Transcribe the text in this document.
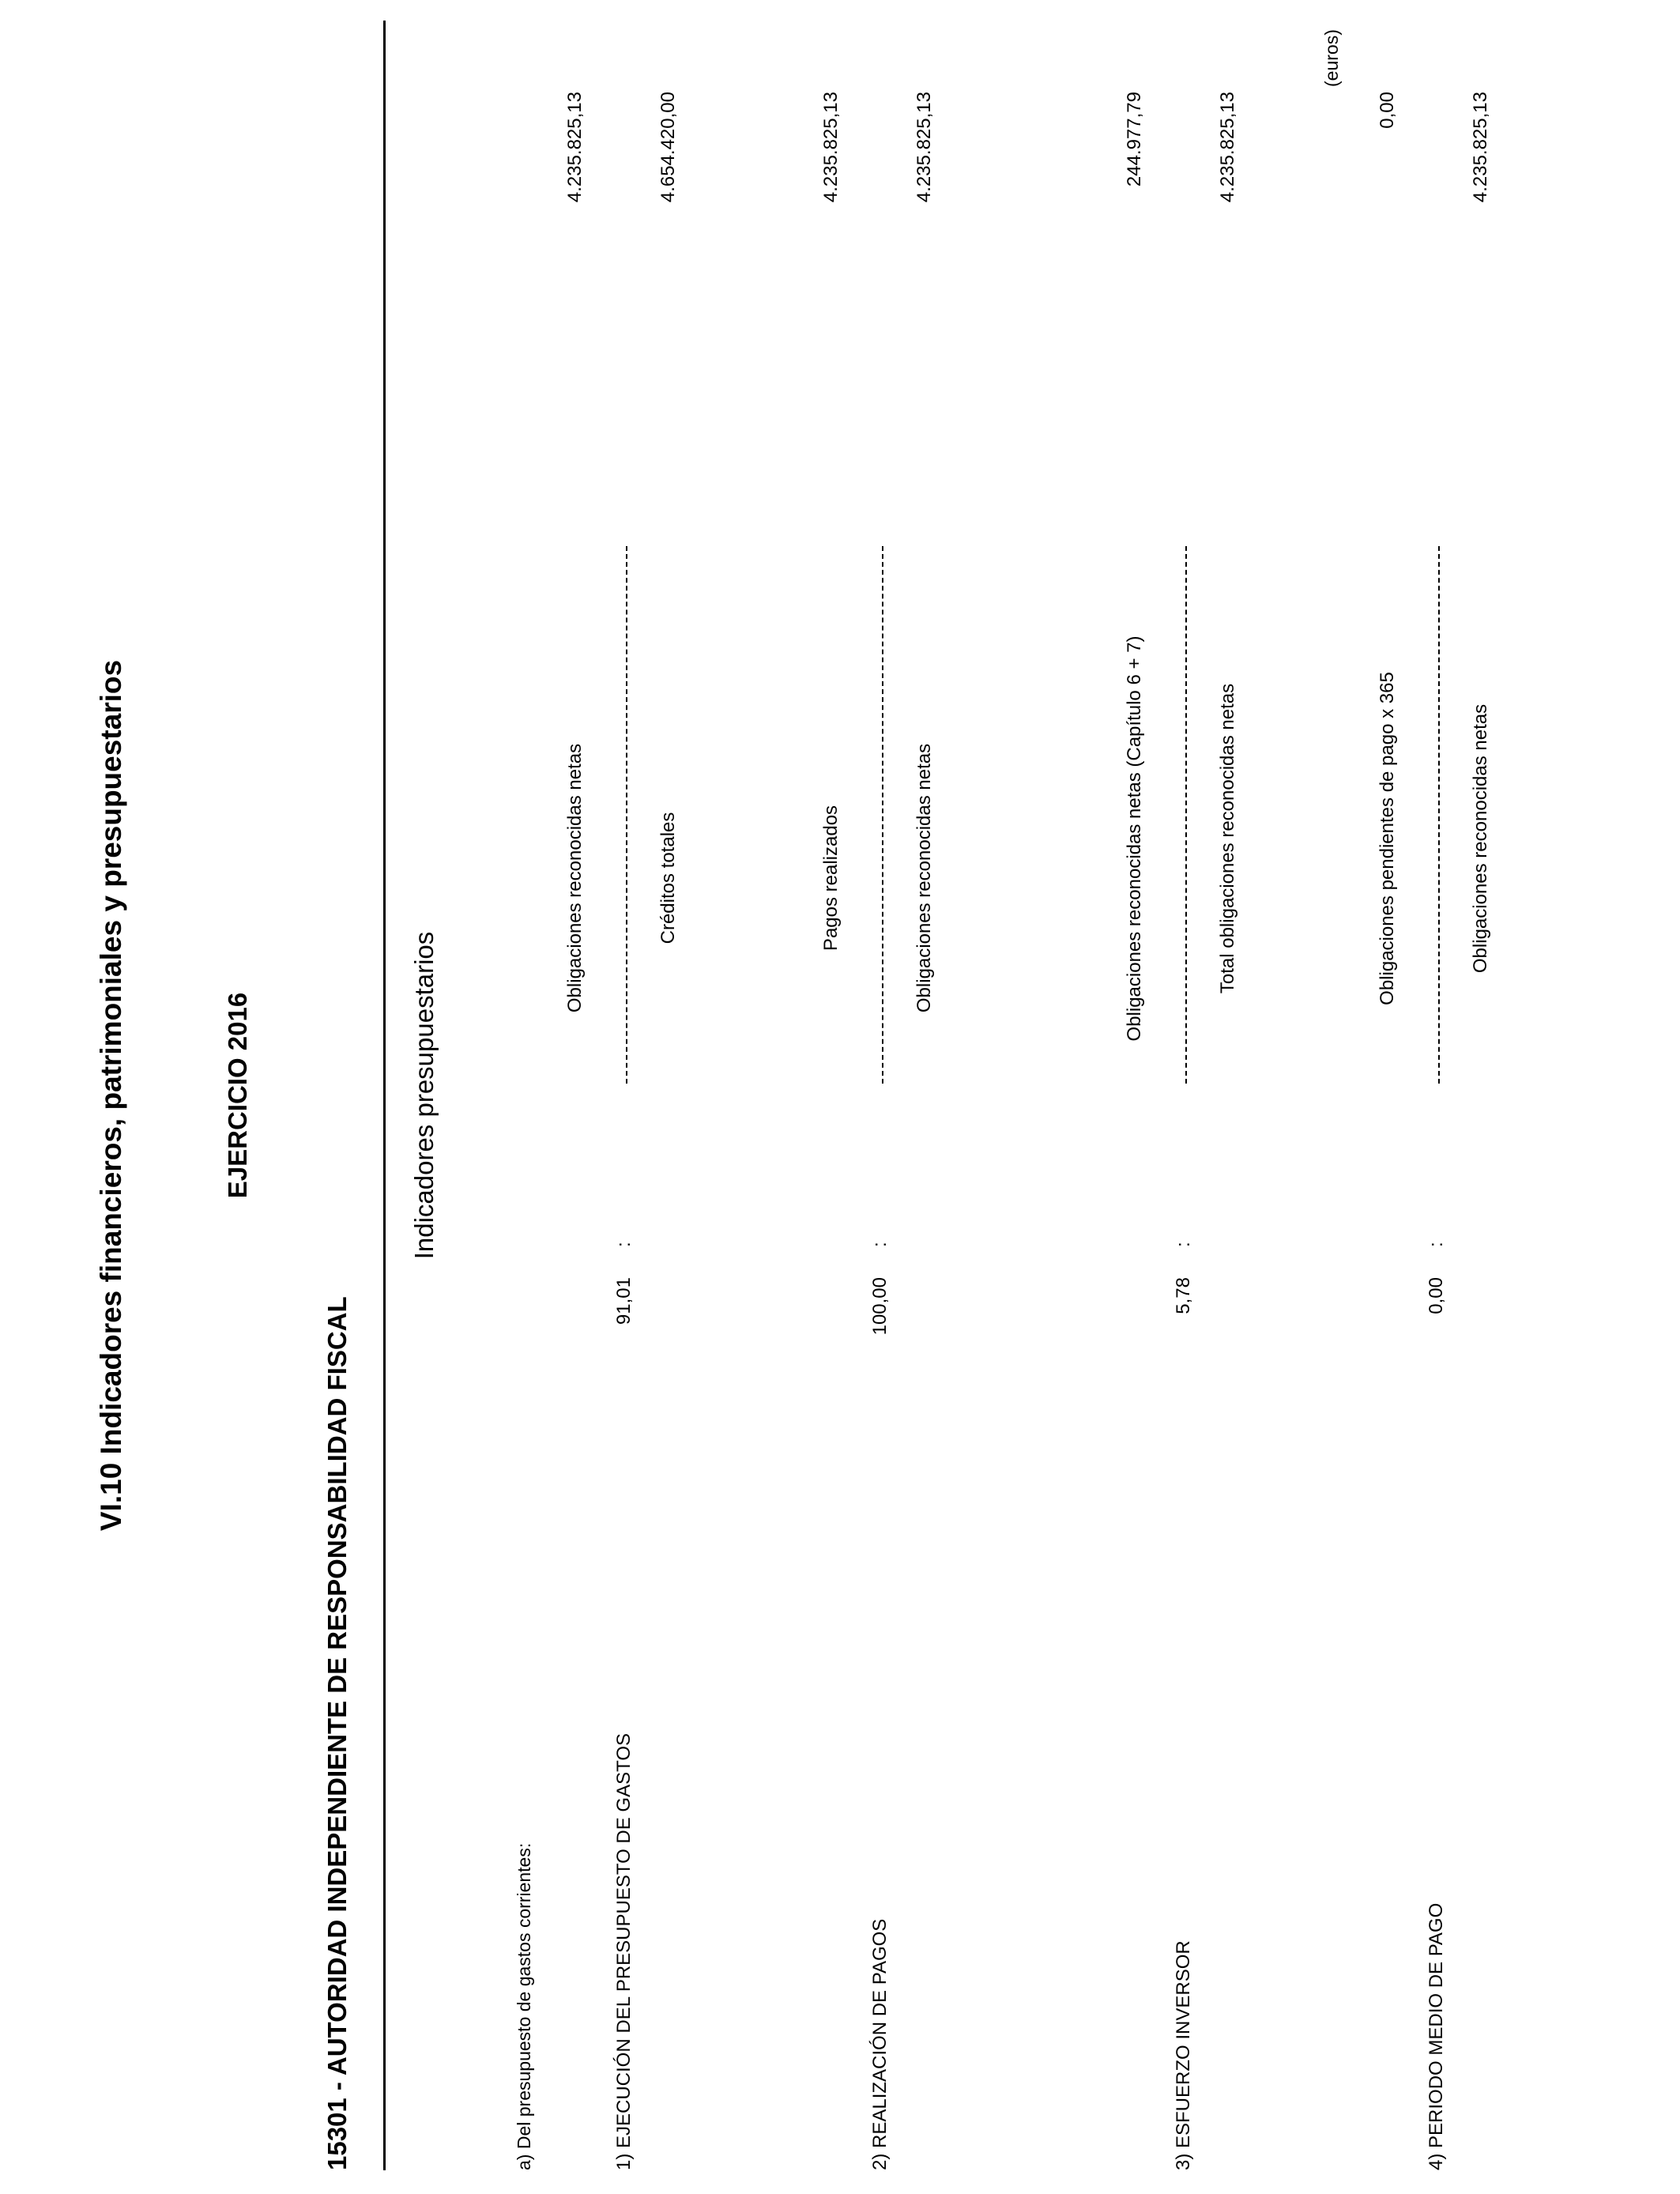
VI.10 Indicadores financieros, patrimoniales y presupuestarios	EJERCICIO 2016
15301 - AUTORIDAD INDEPENDIENTE DE RESPONSABILIDAD FISCAL
(euros)
Indicadores presupuestarios
a) Del presupuesto de gastos corrientes:	1) EJECUCIÓN DEL PRESUPUESTO DE GASTOS
91,01
:
Obligaciones reconocidas netas	Créditos totales
4.235.825,13	4.654.420,00
2) REALIZACIÓN DE PAGOS
100,00
:
Pagos realizados	Obligaciones reconocidas netas
4.235.825,13	4.235.825,13
3) ESFUERZO INVERSOR
5,78
:
Obligaciones reconocidas netas (Capítulo 6 + 7)	Total obligaciones reconocidas netas
244.977,79	4.235.825,13
4) PERIODO MEDIO DE PAGO
0,00
:
Obligaciones pendientes de pago x 365	Obligaciones reconocidas netas
0,00	4.235.825,13
